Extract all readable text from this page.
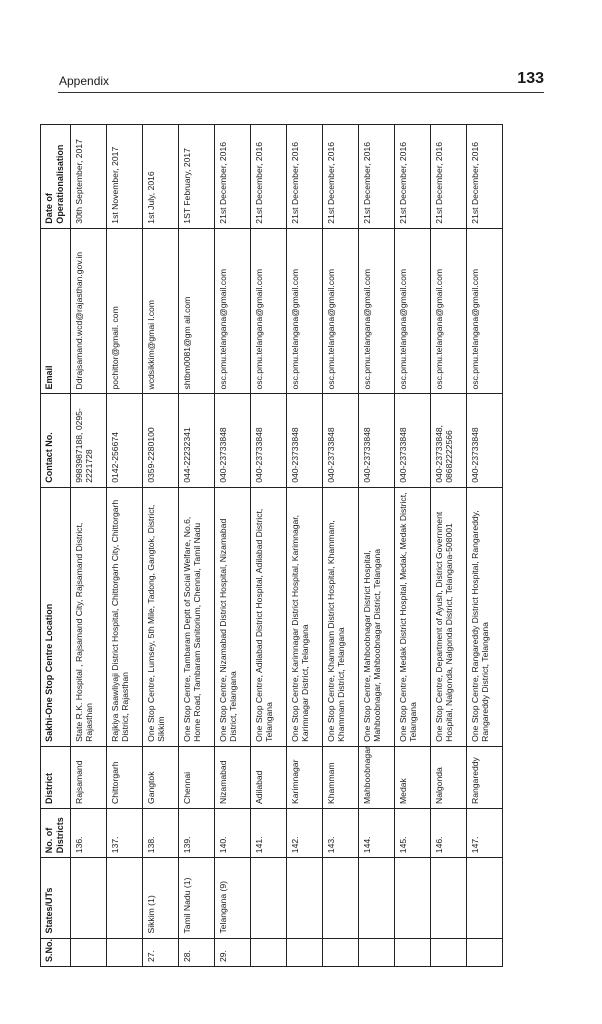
Appendix	133
S.No.	States/UTs	No. of Districts	District	Sakhi-One Stop Centre Location	Contact No.	Email	Date of Operationalisation
		136.	Rajsamand	State R.K. Hospital , Rajsamand City, Rajsamand District, Rajasthan	9983987188, 0295-2221728	Ddrajsamand.wcd@rajasthan.gov.in	30th September, 2017
		137.	Chittorgarh	Rajkiya Saawliyaji District Hospital, Chittorgarh City, Chittorgarh District, Rajasthan	0142-256674	pochittor@gmail. com	1st November, 2017
27.	Sikkim (1)	138.	Gangtok	One Stop Centre, Lumsey, 5th Mile, Tadong, Gangtok, District, Sikkim	0359-2280100	wcdsikkim@gmai l.com	1st July, 2016
28.	Tamil Nadu (1)	139.	Chennai	One Stop Centre, Tambaram Deptt of Social Welfare, No.6, Home Road, Tambaram Sanitorium, Chennai, Tamil Nadu	044-22232341	shtbm0081@gm ail.com	1ST February, 2017
29.	Telangana (9)	140.	Nizamabad	One Stop Centre, Nizamabad District Hospital, Nizamabad District, Telangana	040-23733848	osc.pmu.telangana@gmail.com	21st December, 2016
		141.	Adilabad	One Stop Centre, Adilabad District Hospital, Adilabad District, Telangana	040-23733848	osc.pmu.telangana@gmail.com	21st December, 2016
		142.	Karimnagar	One Stop Centre, Karimnagar District Hospital, Karimnagar, Karimnagar District, Telangana	040-23733848	osc.pmu.telangana@gmail.com	21st December, 2016
		143.	Khammam	One Stop Centre, Khammam District Hospital, Khammam, Khammam District, Telangana	040-23733848	osc.pmu.telangana@gmail.com	21st December, 2016
		144.	Mahboobnagar	One Stop Centre, Mahboobnagar District Hospital, Mahboobnagar, Mahboobnagar District, Telangana	040-23733848	osc.pmu.telangana@gmail.com	21st December, 2016
		145.	Medak	One Stop Centre, Medak District Hospital, Medak, Medak District, Telangana	040-23733848	osc.pmu.telangana@gmail.com	21st December, 2016
		146.	Nalgonda	One Stop Centre, Department of Ayush, District Government Hospital, Nalgonda, Nalgonda District, Telangana-508001	040-23733848, 08682222566	osc.pmu.telangana@gmail.com	21st December, 2016
		147.	Rangareddy	One Stop Centre, Rangareddy District Hospital, Rangareddy, Rangareddy District, Telangana	040-23733848	osc.pmu.telangana@gmail.com	21st December, 2016
